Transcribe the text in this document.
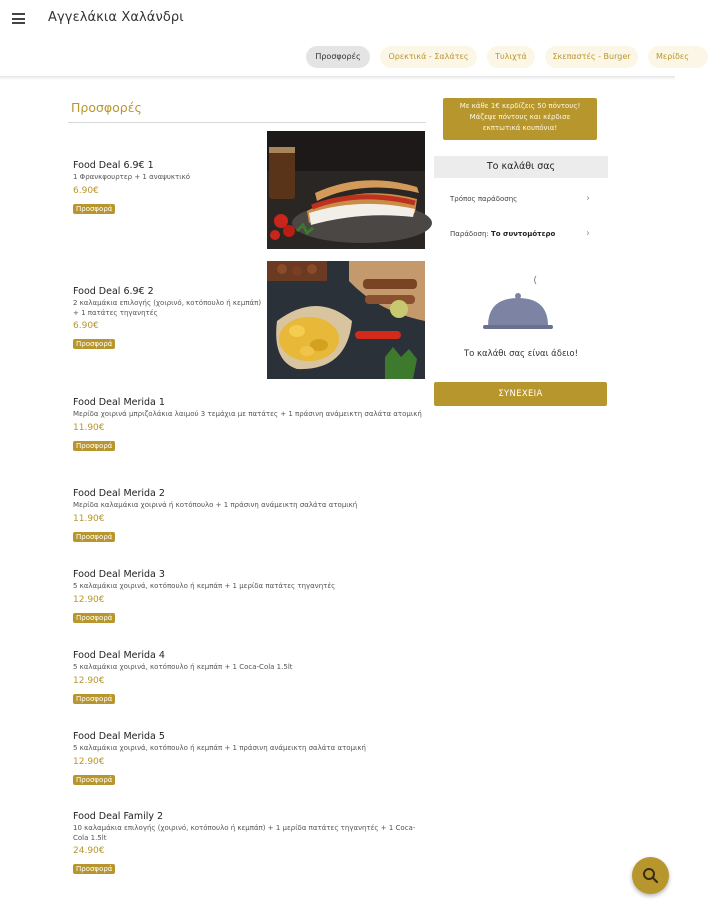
Αγγελάκια Χαλάνδρι
Προσφορές	Ορεκτικά - Σαλάτες	Τυλιχτά	Σκεπαστές - Burger	Μερίδες
Προσφορές
Food Deal 6.9€ 1
1 Φρανκφουρτερ + 1 αναψυκτικό
6.90€
Προσφορά
Food Deal 6.9€ 2
2 καλαμάκια επιλογής (χοιρινό, κοτόπουλο ή κεμπάπ) + 1 πατάτες τηγανητές
6.90€
Προσφορά
Food Deal Merida 1
Μερίδα χοιρινά μπριζολάκια λαιμού 3 τεμάχια με πατάτες + 1 πράσινη ανάμεικτη σαλάτα ατομική
11.90€
Προσφορά
Food Deal Merida 2
Μερίδα καλαμάκια χοιρινά ή κοτόπουλο + 1 πράσινη ανάμεικτη σαλάτα ατομική
11.90€
Προσφορά
Food Deal Merida 3
5 καλαμάκια χοιρινά, κοτόπουλο ή κεμπάπ + 1 μερίδα πατάτες τηγανητές
12.90€
Προσφορά
Food Deal Merida 4
5 καλαμάκια χοιρινά, κοτόπουλο ή κεμπάπ + 1 Coca-Cola 1.5lt
12.90€
Προσφορά
Food Deal Merida 5
5 καλαμάκια χοιρινά, κοτόπουλο ή κεμπάπ + 1 πράσινη ανάμεικτη σαλάτα ατομική
12.90€
Προσφορά
Food Deal Family 2
10 καλαμάκια επιλογής (χοιρινό, κοτόπουλο ή κεμπάπ) + 1 μερίδα πατάτες τηγανητές + 1 Coca-Cola 1.5lt
24.90€
Προσφορά
Με κάθε 1€ κερδίζεις 50 πόντους!
Μάζεψε πόντους και κέρδισε
εκπτωτικά κουπόνια!
Το καλάθι σας
Τρόπος παράδοσης	›
Παράδοση: Το συντομότερο	›
Το καλάθι σας είναι άδειο!
ΣΥΝΕΧΕΙΑ
